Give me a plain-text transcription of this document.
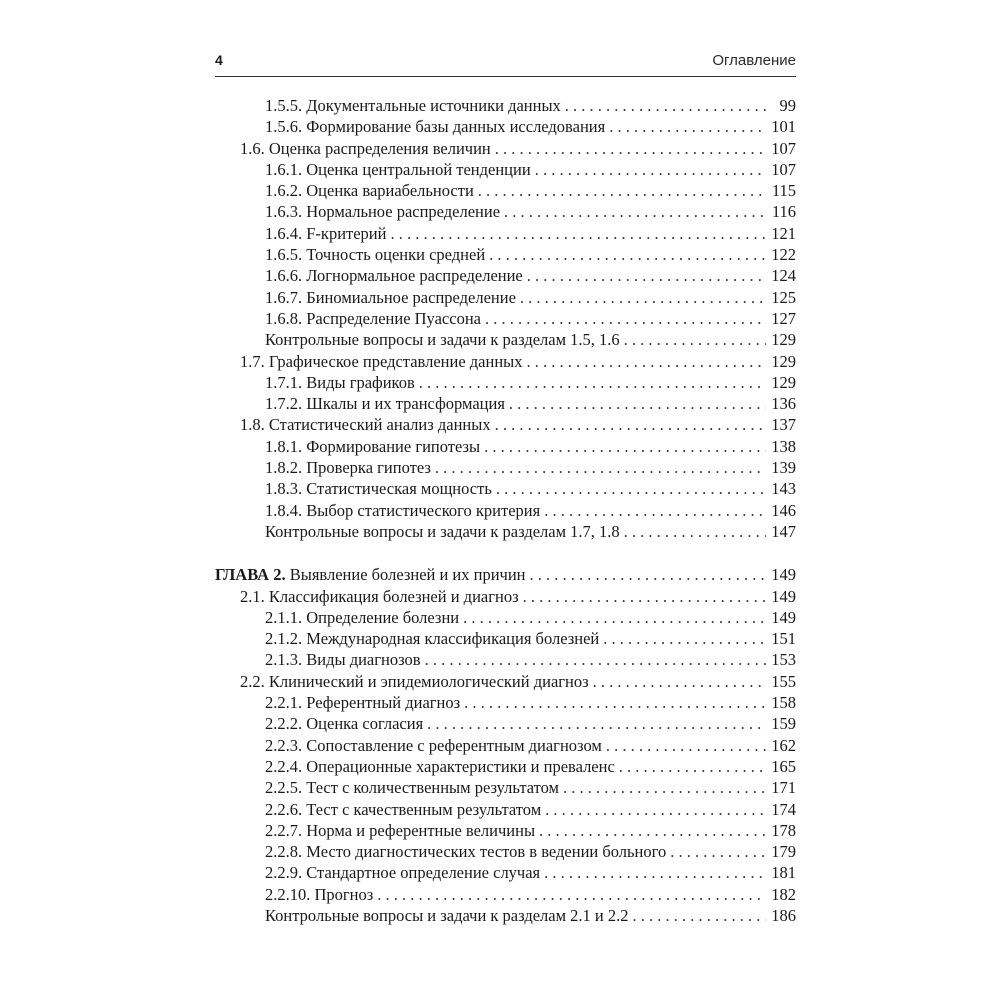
4	Оглавление
1.5.5. Документальные источники данных . . .	99
1.5.6. Формирование базы данных исследования . . .	101
1.6. Оценка распределения величин . . .	107
1.6.1. Оценка центральной тенденции . . .	107
1.6.2. Оценка вариабельности . . .	115
1.6.3. Нормальное распределение . . .	116
1.6.4. F-критерий . . .	121
1.6.5. Точность оценки средней . . .	122
1.6.6. Логнормальное распределение . . .	124
1.6.7. Биномиальное распределение . . .	125
1.6.8. Распределение Пуассона . . .	127
Контрольные вопросы и задачи к разделам 1.5, 1.6 . . .	129
1.7. Графическое представление данных . . .	129
1.7.1. Виды графиков . . .	129
1.7.2. Шкалы и их трансформация . . .	136
1.8. Статистический анализ данных . . .	137
1.8.1. Формирование гипотезы . . .	138
1.8.2. Проверка гипотез . . .	139
1.8.3. Статистическая мощность . . .	143
1.8.4. Выбор статистического критерия . . .	146
Контрольные вопросы и задачи к разделам 1.7, 1.8 . . .	147
ГЛАВА 2. Выявление болезней и их причин . . .	149
2.1. Классификация болезней и диагноз . . .	149
2.1.1. Определение болезни . . .	149
2.1.2. Международная классификация болезней . . .	151
2.1.3. Виды диагнозов . . .	153
2.2. Клинический и эпидемиологический диагноз . . .	155
2.2.1. Референтный диагноз . . .	158
2.2.2. Оценка согласия . . .	159
2.2.3. Сопоставление с референтным диагнозом . . .	162
2.2.4. Операционные характеристики и преваленс . . .	165
2.2.5. Тест с количественным результатом . . .	171
2.2.6. Тест с качественным результатом . . .	174
2.2.7. Норма и референтные величины . . .	178
2.2.8. Место диагностических тестов в ведении больного . . .	179
2.2.9. Стандартное определение случая . . .	181
2.2.10. Прогноз . . .	182
Контрольные вопросы и задачи к разделам 2.1 и 2.2 . . .	186
